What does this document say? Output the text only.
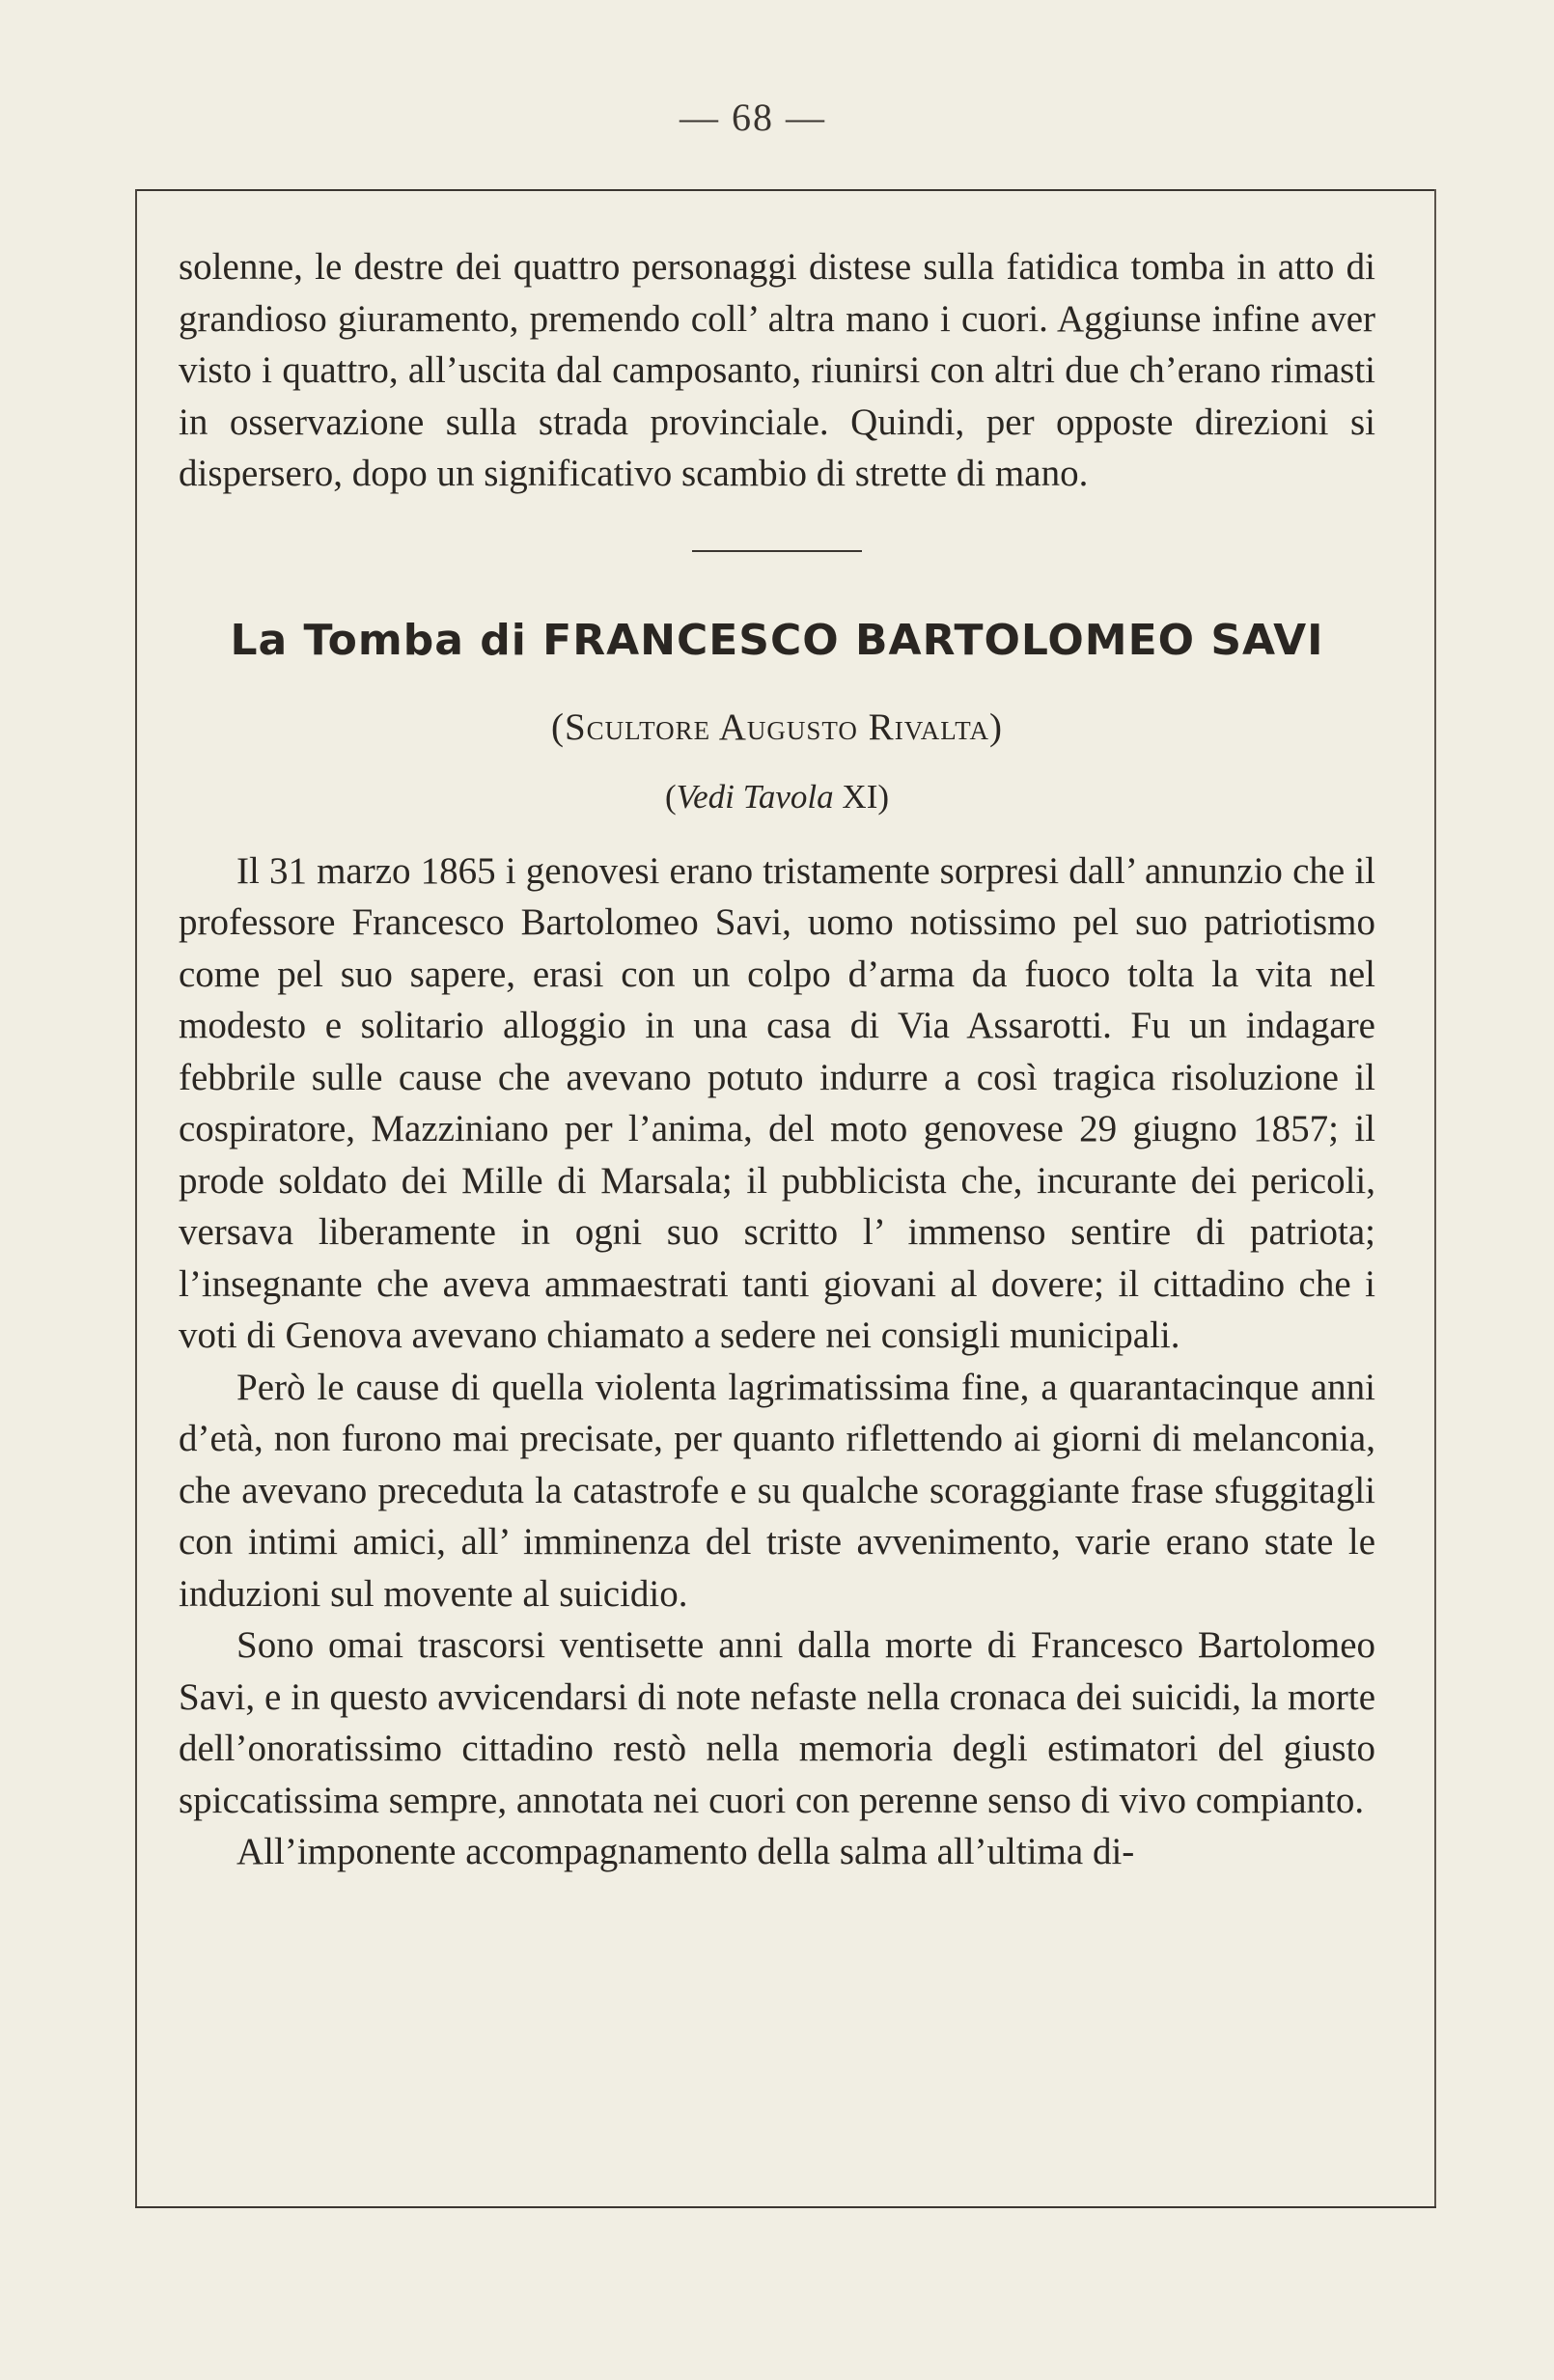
— 68 —

solenne, le destre dei quattro personaggi distese sulla fatidica tomba in atto di grandioso giuramento, premendo coll’ altra mano i cuori. Aggiunse infine aver visto i quattro, all’uscita dal camposanto, riunirsi con altri due ch’erano rimasti in osservazione sulla strada provinciale. Quindi, per opposte direzioni si dispersero, dopo un significativo scambio di strette di mano.

La Tomba di FRANCESCO BARTOLOMEO SAVI
(Scultore Augusto Rivalta)
(Vedi Tavola XI)

Il 31 marzo 1865 i genovesi erano tristamente sorpresi dall’ annunzio che il professore Francesco Bartolomeo Savi, uomo notissimo pel suo patriotismo come pel suo sapere, erasi con un colpo d’arma da fuoco tolta la vita nel modesto e solitario alloggio in una casa di Via Assarotti. Fu un indagare febbrile sulle cause che avevano potuto indurre a così tragica risoluzione il cospiratore, Mazziniano per l’anima, del moto genovese 29 giugno 1857; il prode soldato dei Mille di Marsala; il pubblicista che, incurante dei pericoli, versava liberamente in ogni suo scritto l’ immenso sentire di patriota; l’insegnante che aveva ammaestrati tanti giovani al dovere; il cittadino che i voti di Genova avevano chiamato a sedere nei consigli municipali.

Però le cause di quella violenta lagrimatissima fine, a quarantacinque anni d’età, non furono mai precisate, per quanto riflettendo ai giorni di melanconia, che avevano preceduta la catastrofe e su qualche scoraggiante frase sfuggitagli con intimi amici, all’ imminenza del triste avvenimento, varie erano state le induzioni sul movente al suicidio.

Sono omai trascorsi ventisette anni dalla morte di Francesco Bartolomeo Savi, e in questo avvicendarsi di note nefaste nella cronaca dei suicidi, la morte dell’onoratissimo cittadino restò nella memoria degli estimatori del giusto spiccatissima sempre, annotata nei cuori con perenne senso di vivo compianto.

All’imponente accompagnamento della salma all’ultima di-
